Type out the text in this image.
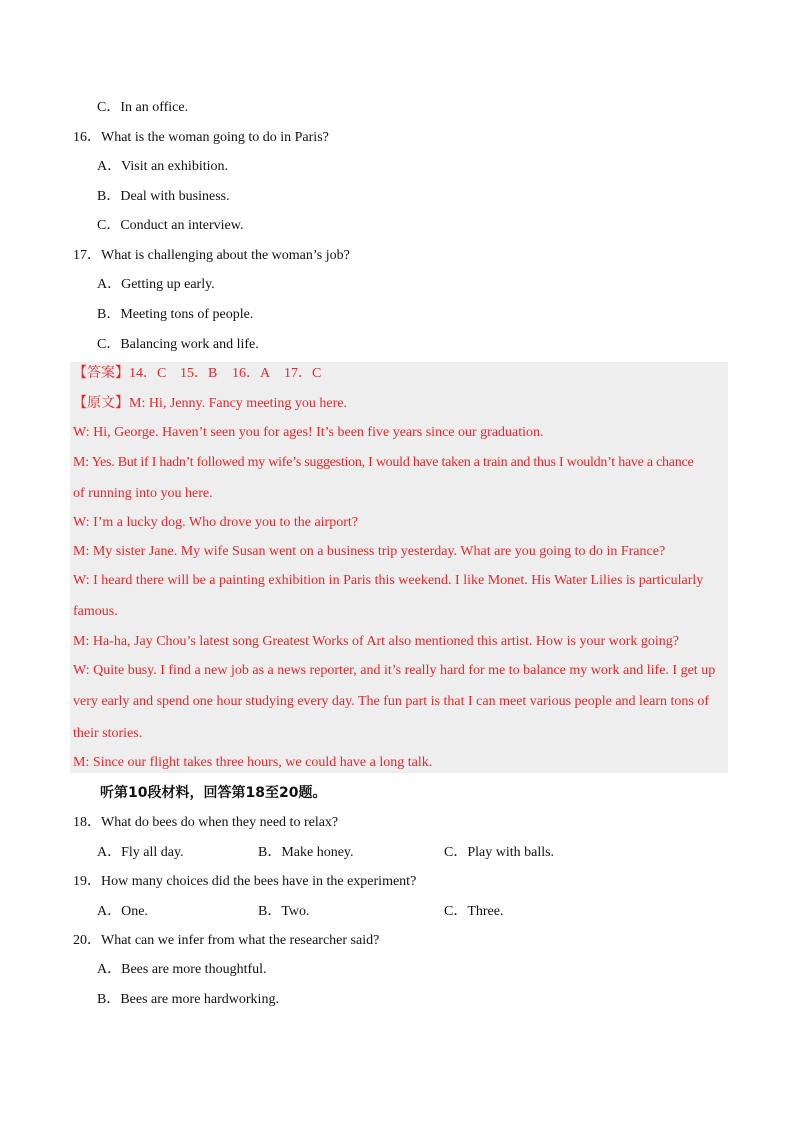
C．In an office.
16．What is the woman going to do in Paris?
A．Visit an exhibition.
B．Deal with business.
C．Conduct an interview.
17．What is challenging about the woman’s job?
A．Getting up early.
B．Meeting tons of people.
C．Balancing work and life.
【答案】14．C 15．B 16．A 17．C
【原文】M: Hi, Jenny. Fancy meeting you here.
W: Hi, George. Haven’t seen you for ages! It’s been five years since our graduation.
M: Yes. But if I hadn’t followed my wife’s suggestion, I would have taken a train and thus I wouldn’t have a chance
of running into you here.
W: I’m a lucky dog. Who drove you to the airport?
M: My sister Jane. My wife Susan went on a business trip yesterday. What are you going to do in France?
W: I heard there will be a painting exhibition in Paris this weekend. I like Monet. His Water Lilies is particularly
famous.
M: Ha-ha, Jay Chou’s latest song Greatest Works of Art also mentioned this artist. How is your work going?
W: Quite busy. I find a new job as a news reporter, and it’s really hard for me to balance my work and life. I get up
very early and spend one hour studying every day. The fun part is that I can meet various people and learn tons of
their stories.
M: Since our flight takes three hours, we could have a long talk.
听第10段材料，回答第18至20题。
18．What do bees do when they need to relax?
A．Fly all day.	B．Make honey.	C．Play with balls.
19．How many choices did the bees have in the experiment?
A．One.	B．Two.	C．Three.
20．What can we infer from what the researcher said?
A．Bees are more thoughtful.
B．Bees are more hardworking.
